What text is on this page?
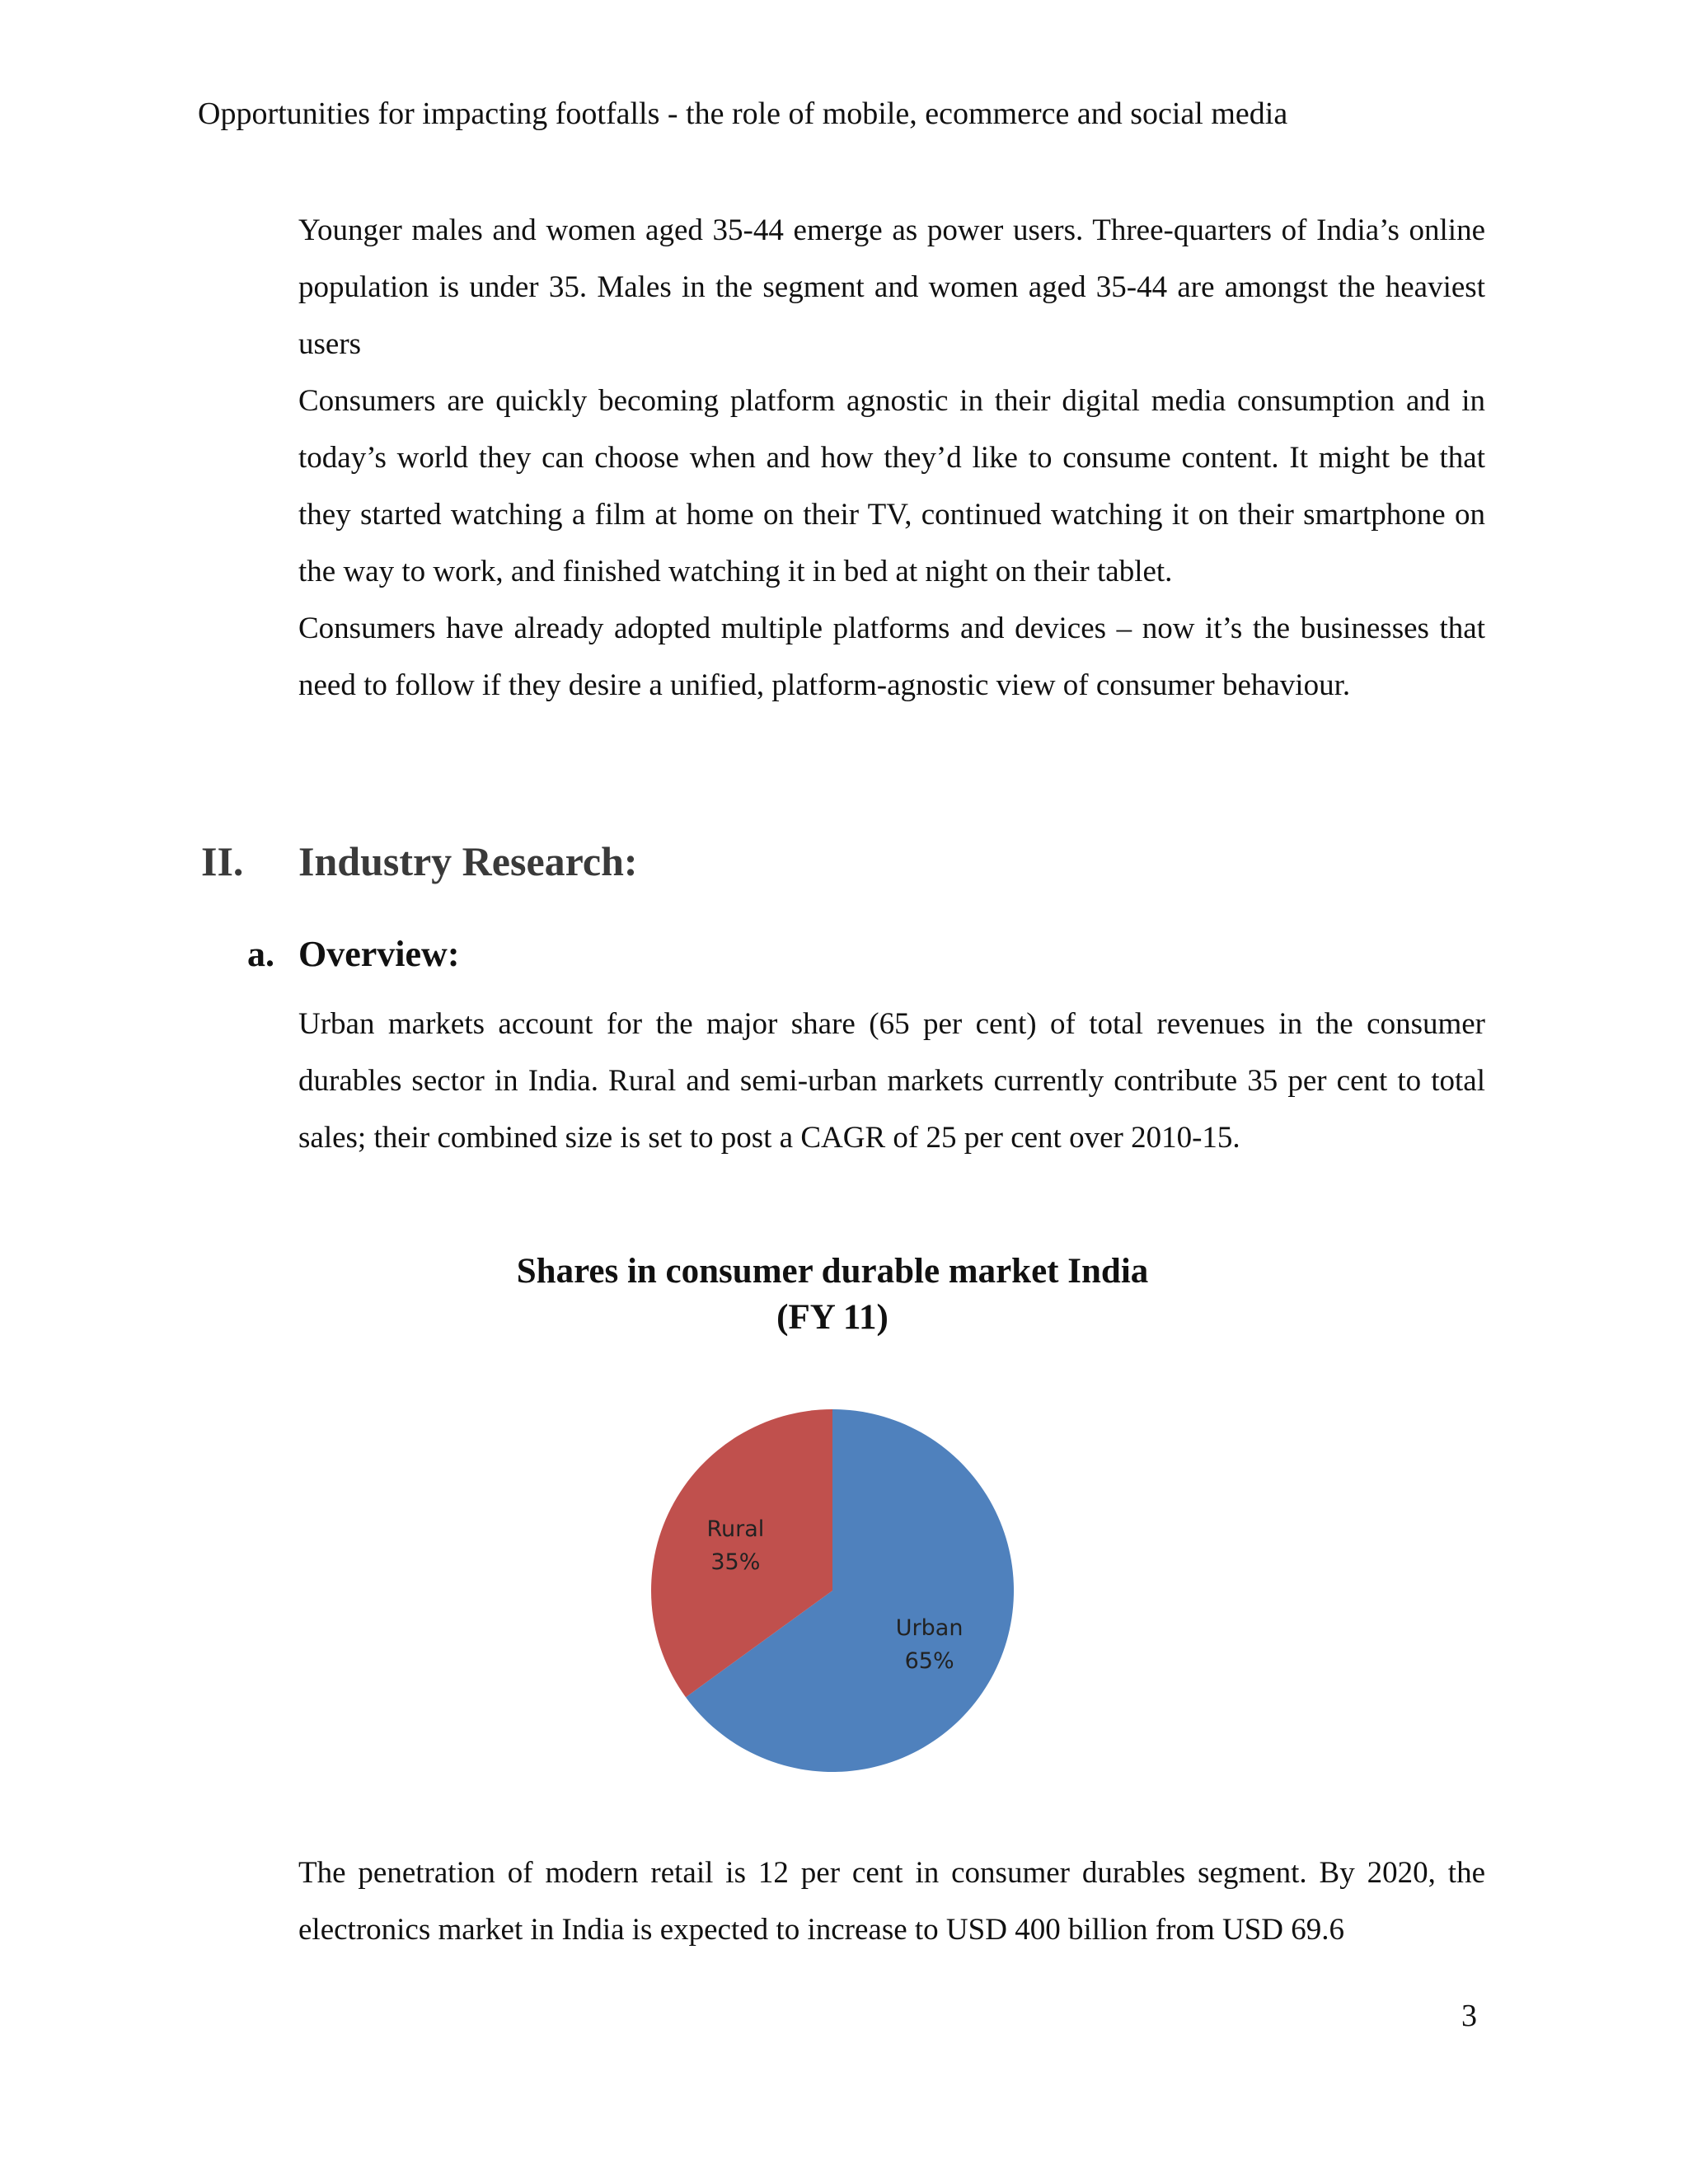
Opportunities for impacting footfalls - the role of mobile, ecommerce and social media

Younger males and women aged 35-44 emerge as power users. Three-quarters of India’s online population is under 35. Males in the segment and women aged 35-44 are amongst the heaviest users

Consumers are quickly becoming platform agnostic in their digital media consumption and in today’s world they can choose when and how they’d like to consume content. It might be that they started watching a film at home on their TV, continued watching it on their smartphone on the way to work, and finished watching it in bed at night on their tablet.

Consumers have already adopted multiple platforms and devices – now it’s the businesses that need to follow if they desire a unified, platform-agnostic view of consumer behaviour.

II. Industry Research:
a. Overview:

Urban markets account for the major share (65 per cent) of total revenues in the consumer durables sector in India. Rural and semi-urban markets currently contribute 35 per cent to total sales; their combined size is set to post a CAGR of 25 per cent over 2010-15.

Shares in consumer durable market India
(FY 11)
Urban
65%
Rural
35%

The penetration of modern retail is 12 per cent in consumer durables segment. By 2020, the electronics market in India is expected to increase to USD 400 billion from USD 69.6

3
